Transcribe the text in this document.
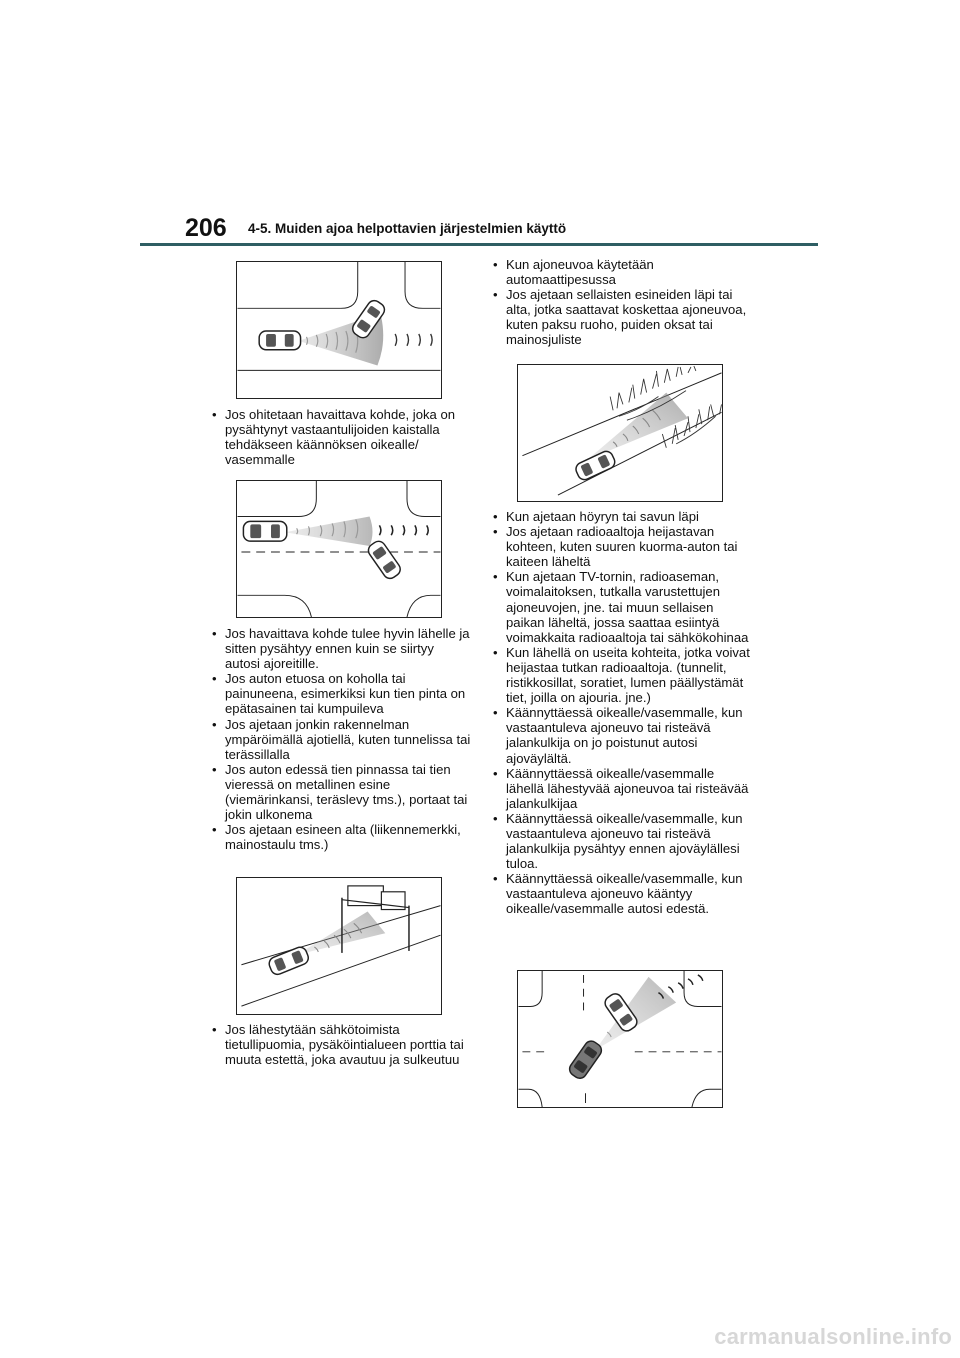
206 4-5. Muiden ajoa helpottavien järjestelmien käyttö
• Jos ohitetaan havaittava kohde, joka on pysähtynyt vastaantulijoiden kaistalla tehdäkseen käännöksen oikealle/ vasemmalle
• Jos havaittava kohde tulee hyvin lähelle ja sitten pysähtyy ennen kuin se siirtyy autosi ajoreitille.
• Jos auton etuosa on koholla tai painuneena, esimerkiksi kun tien pinta on epätasainen tai kumpuileva
• Jos ajetaan jonkin rakennelman ympäröimällä ajotiellä, kuten tunnelissa tai terässillalla
• Jos auton edessä tien pinnassa tai tien vieressä on metallinen esine (viemärinkansi, teräslevy tms.), portaat tai jokin ulkonema
• Jos ajetaan esineen alta (liikennemerkki, mainostaulu tms.)
• Jos lähestytään sähkötoimista tietullipuomia, pysäköintialueen porttia tai muuta estettä, joka avautuu ja sulkeutuu
• Kun ajoneuvoa käytetään automaattipesussa
• Jos ajetaan sellaisten esineiden läpi tai alta, jotka saattavat koskettaa ajoneuvoa, kuten paksu ruoho, puiden oksat tai mainosjuliste
• Kun ajetaan höyryn tai savun läpi
• Jos ajetaan radioaaltoja heijastavan kohteen, kuten suuren kuorma-auton tai kaiteen läheltä
• Kun ajetaan TV-tornin, radioaseman, voimalaitoksen, tutkalla varustettujen ajoneuvojen, jne. tai muun sellaisen paikan läheltä, jossa saattaa esiintyä voimakkaita radioaaltoja tai sähkökohinaa
• Kun lähellä on useita kohteita, jotka voivat heijastaa tutkan radioaaltoja. (tunnelit, ristikkosillat, soratiet, lumen päällystämät tiet, joilla on ajouria. jne.)
• Käännyttäessä oikealle/vasemmalle, kun vastaantuleva ajoneuvo tai risteävä jalankulkija on jo poistunut autosi ajoväylältä.
• Käännyttäessä oikealle/vasemmalle lähellä lähestyvää ajoneuvoa tai risteävää jalankulkijaa
• Käännyttäessä oikealle/vasemmalle, kun vastaantuleva ajoneuvo tai risteävä jalankulkija pysähtyy ennen ajoväylällesi tuloa.
• Käännyttäessä oikealle/vasemmalle, kun vastaantuleva ajoneuvo kääntyy oikealle/vasemmalle autosi edestä.
carmanualsonline.info
